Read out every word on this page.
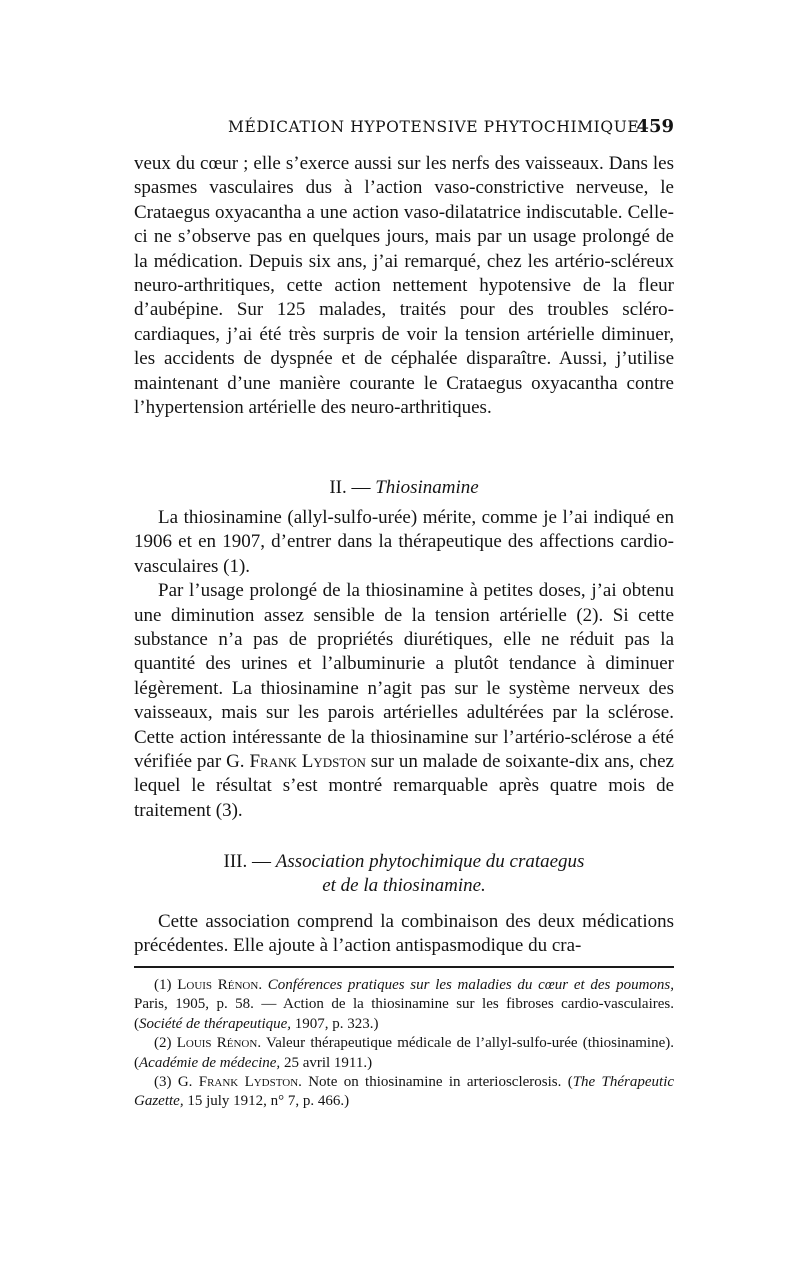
MÉDICATION HYPOTENSIVE PHYTOCHIMIQUE
459

veux du cœur ; elle s’exerce aussi sur les nerfs des vaisseaux. Dans les spasmes vasculaires dus à l’action vaso-constrictive nerveuse, le Crataegus oxyacantha a une action vaso-dilatatrice indiscutable. Celle-ci ne s’observe pas en quelques jours, mais par un usage prolongé de la médication. Depuis six ans, j’ai remarqué, chez les artério-scléreux neuro-arthritiques, cette action nettement hypotensive de la fleur d’aubépine. Sur 125 malades, traités pour des troubles scléro-cardiaques, j’ai été très surpris de voir la tension artérielle diminuer, les accidents de dyspnée et de céphalée disparaître. Aussi, j’utilise maintenant d’une manière courante le Crataegus oxyacantha contre l’hypertension artérielle des neuro-arthritiques.

II. — Thiosinamine

La thiosinamine (allyl-sulfo-urée) mérite, comme je l’ai indiqué en 1906 et en 1907, d’entrer dans la thérapeutique des affections cardio-vasculaires (1).

Par l’usage prolongé de la thiosinamine à petites doses, j’ai obtenu une diminution assez sensible de la tension artérielle (2). Si cette substance n’a pas de propriétés diurétiques, elle ne réduit pas la quantité des urines et l’albuminurie a plutôt tendance à diminuer légèrement. La thiosinamine n’agit pas sur le système nerveux des vaisseaux, mais sur les parois artérielles adultérées par la sclérose. Cette action intéressante de la thiosinamine sur l’artério-sclérose a été vérifiée par G. Frank Lydston sur un malade de soixante-dix ans, chez lequel le résultat s’est montré remarquable après quatre mois de traitement (3).

III. — Association phytochimique du crataegus
et de la thiosinamine.

Cette association comprend la combinaison des deux médications précédentes. Elle ajoute à l’action antispasmodique du cra-

(1) Louis Rénon. Conférences pratiques sur les maladies du cœur et des poumons, Paris, 1905, p. 58. — Action de la thiosinamine sur les fibroses cardio-vasculaires. (Société de thérapeutique, 1907, p. 323.)

(2) Louis Rénon. Valeur thérapeutique médicale de l’allyl-sulfo-urée (thiosinamine). (Académie de médecine, 25 avril 1911.)

(3) G. Frank Lydston. Note on thiosinamine in arteriosclerosis. (The Thérapeutic Gazette, 15 july 1912, n° 7, p. 466.)
